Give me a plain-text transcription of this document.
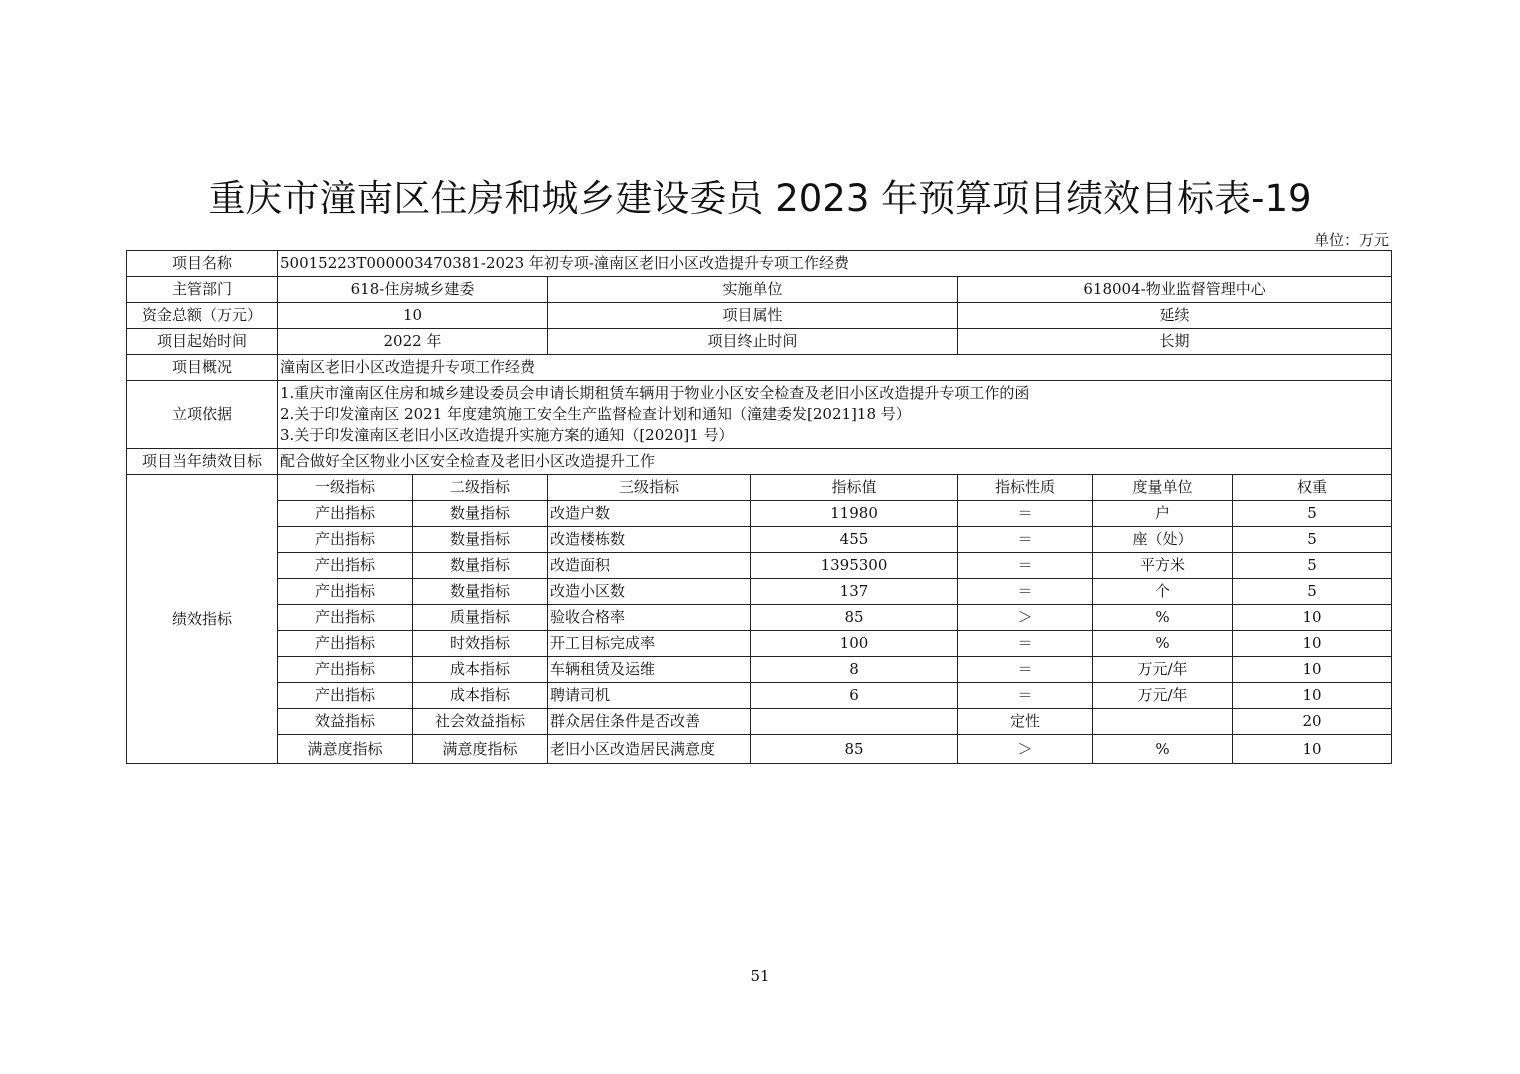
重庆市潼南区住房和城乡建设委员 2023 年预算项目绩效目标表-19
单位：万元
项目名称	50015223T000003470381-2023 年初专项-潼南区老旧小区改造提升专项工作经费						
主管部门	618-住房城乡建委		实施单位		618004-物业监督管理中心		
资金总额（万元）	10		项目属性		延续		
项目起始时间	2022 年		项目终止时间		长期		
项目概况	潼南区老旧小区改造提升专项工作经费						
立项依据	1.重庆市潼南区住房和城乡建设委员会申请长期租赁车辆用于物业小区安全检查及老旧小区改造提升专项工作的函
2.关于印发潼南区 2021 年度建筑施工安全生产监督检查计划和通知（潼建委发[2021]18 号）
3.关于印发潼南区老旧小区改造提升实施方案的通知（[2020]1 号）						

项目当年绩效目标	配合做好全区物业小区安全检查及老旧小区改造提升工作						
绩效指标	一级指标	二级指标	三级指标	指标值	指标性质	度量单位	权重
	产出指标	数量指标	改造户数	11980	＝	户	5
	产出指标	数量指标	改造楼栋数	455	＝	座（处）	5
	产出指标	数量指标	改造面积	1395300	＝	平方米	5
	产出指标	数量指标	改造小区数	137	＝	个	5
	产出指标	质量指标	验收合格率	85	＞	%	10
	产出指标	时效指标	开工目标完成率	100	＝	%	10
	产出指标	成本指标	车辆租赁及运维	8	＝	万元/年	10
	产出指标	成本指标	聘请司机	6	＝	万元/年	10
	效益指标	社会效益指标	群众居住条件是否改善		定性		20
	满意度指标	满意度指标	老旧小区改造居民满意度	85	＞	%	10
51
